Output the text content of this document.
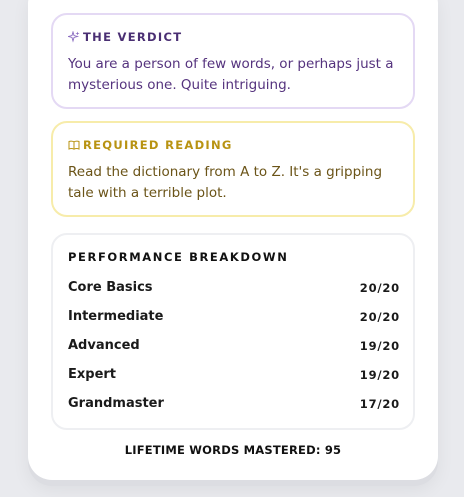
THE VERDICT
You are a person of few words, or perhaps just a mysterious one. Quite intriguing.
REQUIRED READING
Read the dictionary from A to Z. It's a gripping tale with a terrible plot.
PERFORMANCE BREAKDOWN
Core Basics	20/20
Intermediate	20/20
Advanced	19/20
Expert	19/20
Grandmaster	17/20
LIFETIME WORDS MASTERED: 95
